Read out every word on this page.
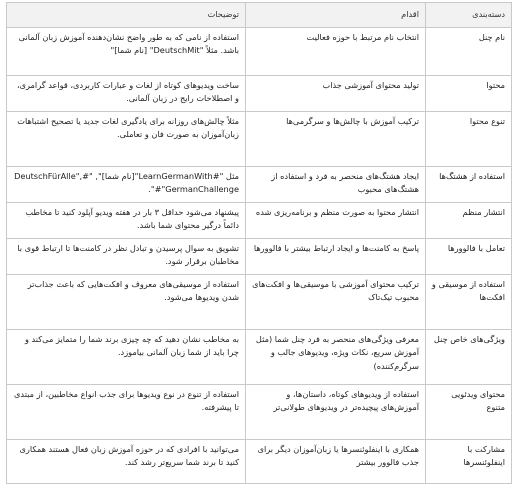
دسته‌بندی	اقدام	توضیحات
نام چنل	انتخاب نام مرتبط با حوزه فعالیت	استفاده از نامی که به طور واضح نشان‌دهنده آموزش زبان آلمانی باشد. مثلاً "DeutschMit" [نام شما]"
محتوا	تولید محتوای آموزشی جذاب	ساخت ویدیوهای کوتاه از لغات و عبارات کاربردی، قواعد گرامری، و اصطلاحات رایج در زبان آلمانی.
تنوع محتوا	ترکیب آموزش با چالش‌ها و سرگرمی‌ها	مثلاً چالش‌های روزانه برای یادگیری لغات جدید یا تصحیح اشتباهات زبان‌آموزان به صورت فان و تعاملی.
استفاده از هشتگ‌ها	ایجاد هشتگ‌های منحصر به فرد و استفاده از هشتگ‌های محبوب	مثل "#LearnGermanWith"[نام شما]", "#DeutschFürAlle", "GermanChallenge#".
انتشار منظم	انتشار محتوا به صورت منظم و برنامه‌ریزی شده	پیشنهاد می‌شود حداقل ۳ بار در هفته ویدیو آپلود کنید تا مخاطب دائماً درگیر محتوای شما باشد.
تعامل با فالوورها	پاسخ به کامنت‌ها و ایجاد ارتباط بیشتر با فالوورها	تشویق به سوال پرسیدن و تبادل نظر در کامنت‌ها تا ارتباط قوی با مخاطبان برقرار شود.
استفاده از موسیقی و افکت‌ها	ترکیب محتوای آموزشی با موسیقی‌ها و افکت‌های محبوب تیک‌تاک	استفاده از موسیقی‌های معروف و افکت‌هایی که باعث جذاب‌تر شدن ویدیوها می‌شود.
ویژگی‌های خاص چنل	معرفی ویژگی‌های منحصر به فرد چنل شما (مثل آموزش سریع، نکات ویژه، ویدیوهای جالب و سرگرم‌کننده)	به مخاطب نشان دهید که چه چیزی برند شما را متمایز می‌کند و چرا باید از شما زبان آلمانی بیاموزد.
محتوای ویدئویی متنوع	استفاده از ویدیوهای کوتاه، داستان‌ها، و آموزش‌های پیچیده‌تر در ویدیوهای طولانی‌تر	استفاده از تنوع در نوع ویدیوها برای جذب انواع مخاطبین، از مبتدی تا پیشرفته.
مشارکت با اینفلوئنسرها	همکاری با اینفلوئنسرها یا زبان‌آموزان دیگر برای جذب فالوور بیشتر	می‌توانید با افرادی که در حوزه آموزش زبان فعال هستند همکاری کنید تا برند شما سریع‌تر رشد کند.
